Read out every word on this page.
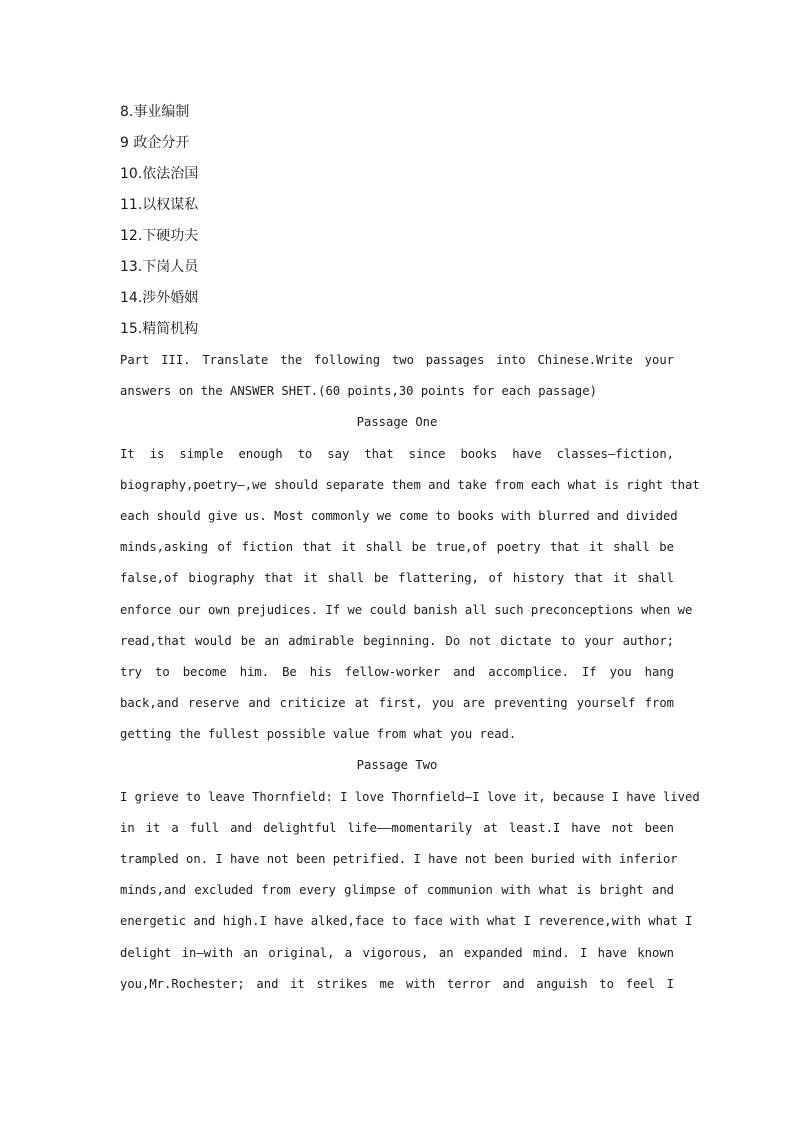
8.事业编制
9 政企分开
10.依法治国
11.以权谋私
12.下硬功夫
13.下岗人员
14.涉外婚姻
15.精简机构
Part III. Translate the following two passages into Chinese.Write your
answers on the ANSWER SHET.(60 points,30 points for each passage)
Passage One
It is simple enough to say that since books have classes—fiction,
biography,poetry—,we should separate them and take from each what is right that
each should give us. Most commonly we come to books with blurred and divided
minds,asking of fiction that it shall be true,of poetry that it shall be
false,of biography that it shall be flattering, of history that it shall
enforce our own prejudices. If we could banish all such preconceptions when we
read,that would be an admirable beginning. Do not dictate to your author;
try to become him. Be his fellow-worker and accomplice. If you hang
back,and reserve and criticize at first, you are preventing yourself from
getting the fullest possible value from what you read.
Passage Two
I grieve to leave Thornfield: I love Thornfield—I love it, because I have lived
in it a full and delightful life——momentarily at least.I have not been
trampled on. I have not been petrified. I have not been buried with inferior
minds,and excluded from every glimpse of communion with what is bright and
energetic and high.I have alked,face to face with what I reverence,with what I
delight in—with an original, a vigorous, an expanded mind. I have known
you,Mr.Rochester; and it strikes me with terror and anguish to feel I
